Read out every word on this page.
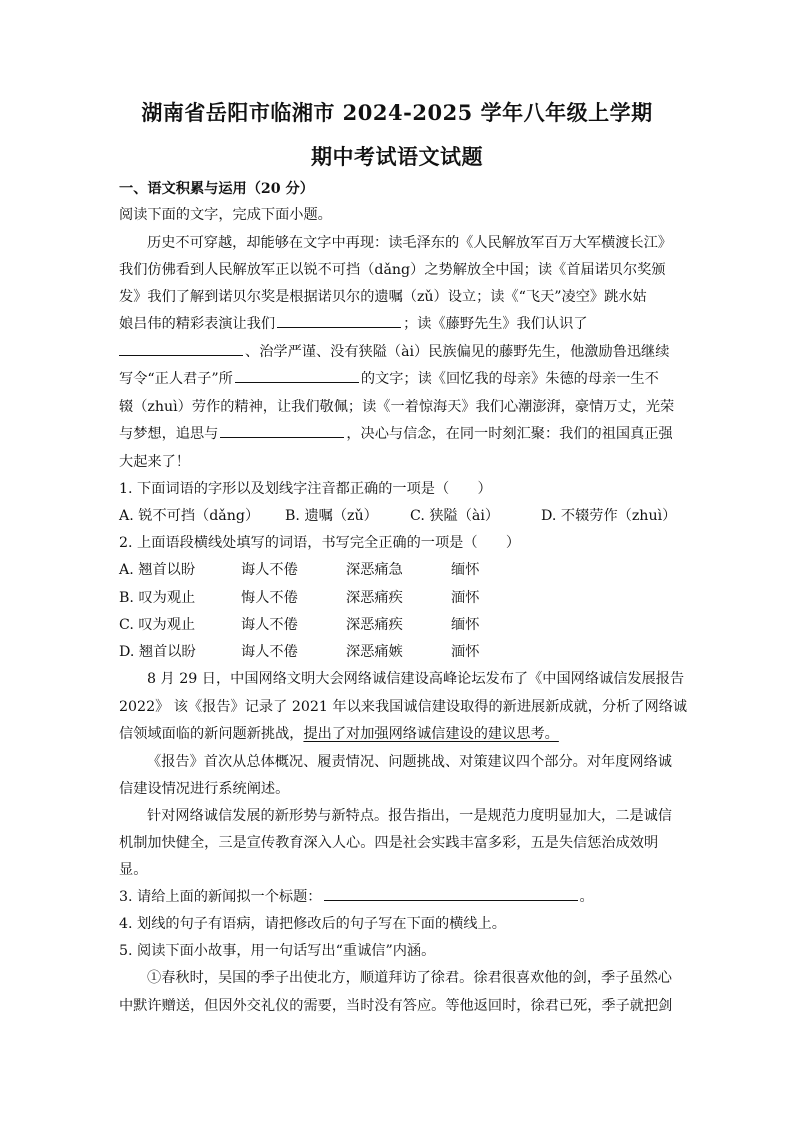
湖南省岳阳市临湘市 2024-2025 学年八年级上学期
期中考试语文试题
一、语文积累与运用（20 分）
阅读下面的文字，完成下面小题。
历史不可穿越，却能够在文字中再现：读毛泽东的《人民解放军百万大军横渡长江》
我们仿佛看到人民解放军正以锐不可挡（dǎng）之势解放全中国；读《首届诺贝尔奖颁
发》我们了解到诺贝尔奖是根据诺贝尔的遗嘱（zǔ）设立；读《“飞天”凌空》跳水姑
娘吕伟的精彩表演让我们	；读《藤野先生》我们认识了
、治学严谨、没有狭隘（ài）民族偏见的藤野先生，他激励鲁迅继续
写令“正人君子”所	的文字；读《回忆我的母亲》朱德的母亲一生不
辍（zhuì）劳作的精神，让我们敬佩；读《一着惊海天》我们心潮澎湃，豪情万丈，光荣
与梦想，追思与	，决心与信念，在同一时刻汇聚：我们的祖国真正强
大起来了！
1. 下面词语的字形以及划线字注音都正确的一项是（　　）
A. 锐不可挡（dǎng） B. 遗嘱（zǔ） C. 狭隘（ài）	D. 不辍劳作（zhuì）
2. 上面语段横线处填写的词语，书写完全正确的一项是（　　）
A. 翘首以盼	诲人不倦	深恶痛急	缅怀
B. 叹为观止	悔人不倦	深恶痛疾	湎怀
C. 叹为观止	诲人不倦	深恶痛疾	缅怀
D. 翘首以盼	诲人不倦	深恶痛嫉	湎怀
8 月 29 日，中国网络文明大会网络诚信建设高峰论坛发布了《中国网络诚信发展报告
2022》 该《报告》记录了 2021 年以来我国诚信建设取得的新进展新成就，分析了网络诚
信领域面临的新问题新挑战，提出了对加强网络诚信建设的建议思考。
《报告》首次从总体概况、履责情况、问题挑战、对策建议四个部分。对年度网络诚
信建设情况进行系统阐述。
针对网络诚信发展的新形势与新特点。报告指出，一是规范力度明显加大，二是诚信
机制加快健全，三是宣传教育深入人心。四是社会实践丰富多彩，五是失信惩治成效明
显。
3. 请给上面的新闻拟一个标题：	。
4. 划线的句子有语病，请把修改后的句子写在下面的横线上。
5. 阅读下面小故事，用一句话写出“重诚信”内涵。
①春秋时，吴国的季子出使北方，顺道拜访了徐君。徐君很喜欢他的剑，季子虽然心
中默许赠送，但因外交礼仪的需要，当时没有答应。等他返回时，徐君已死，季子就把剑
